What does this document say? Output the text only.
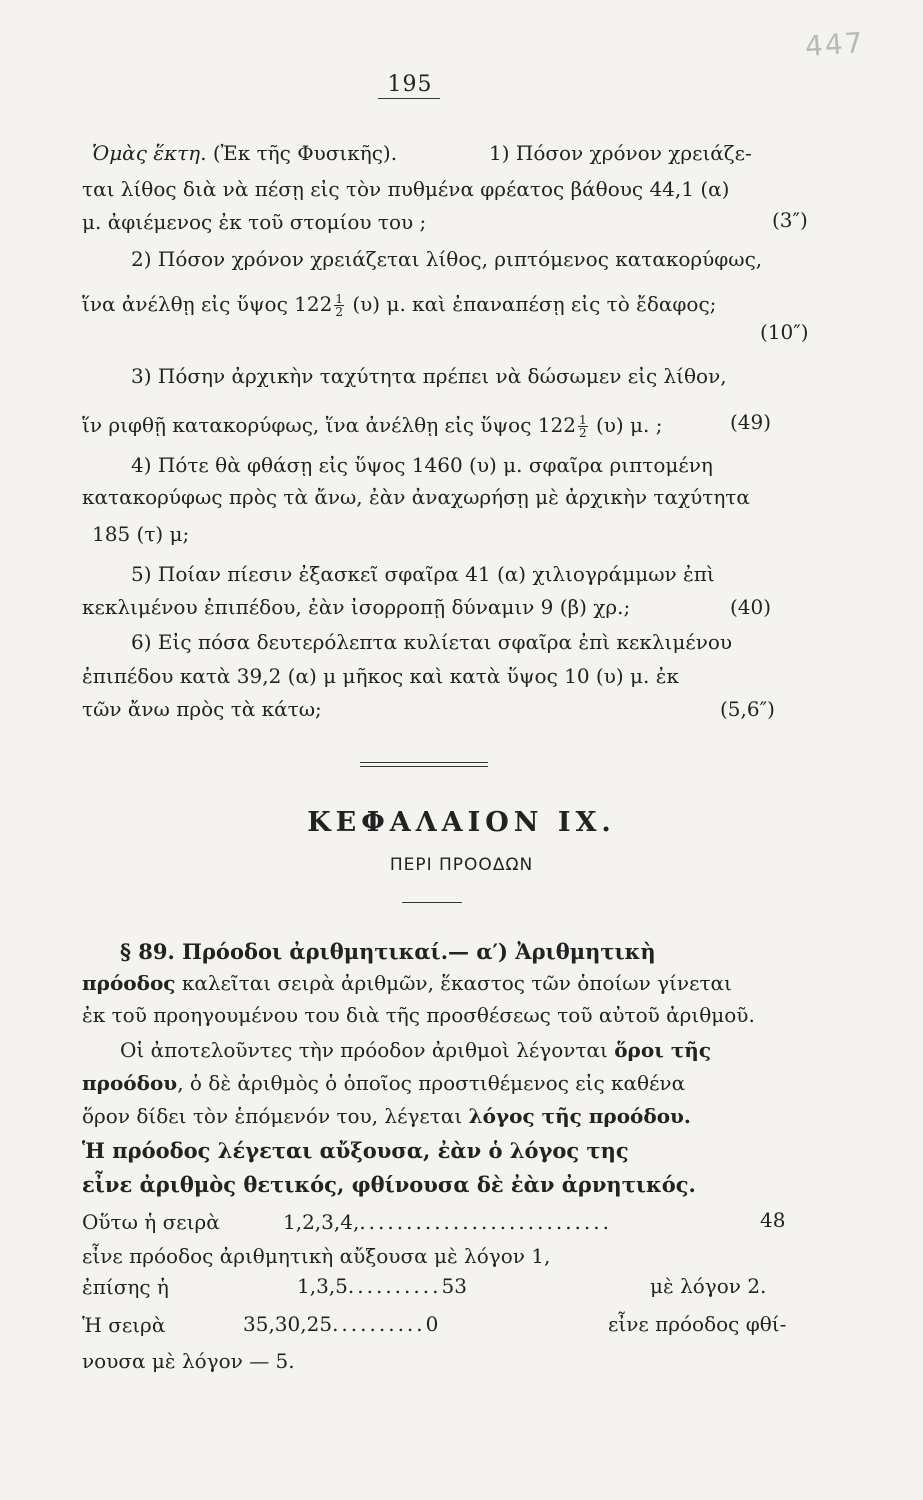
447
195
Ὁμὰς ἕκτη. (Ἐκ τῆς Φυσικῆς).	1) Πόσον χρόνον χρειάζε-
ται λίθος διὰ νὰ πέσῃ εἰς τὸν πυθμένα φρέατος βάθους 44,1 (α)
μ. ἀφιέμενος ἐκ τοῦ στομίου του ;	(3″)
2) Πόσον χρόνον χρειάζεται λίθος, ριπτόμενος κατακορύφως,
ἵνα ἀνέλθῃ εἰς ὕψος $122 \frac{1}{2} (\upsilon)$ μ. καὶ ἐπαναπέσῃ εἰς τὸ ἔδαφος;
(10″)
3) Πόσην ἀρχικὴν ταχύτητα πρέπει νὰ δώσωμεν εἰς λίθον,
ἵν ριφθῇ κατακορύφως, ἵνα ἀνέλθῃ εἰς ὕψος $122 \frac{1}{2} (\upsilon)$ μ. ;	(49)
4) Πότε θὰ φθάσῃ εἰς ὕψος 1460 (υ) μ. σφαῖρα ριπτομένη
κατακορύφως πρὸς τὰ ἄνω, ἐὰν ἀναχωρήσῃ μὲ ἀρχικὴν ταχύτητα
185 (τ) μ;
5) Ποίαν πίεσιν ἐξασκεῖ σφαῖρα 41 (α) χιλιογράμμων ἐπὶ
κεκλιμένου ἐπιπέδου, ἐὰν ἰσορροπῇ δύναμιν 9 (β) χρ.;	(40)
6) Εἰς πόσα δευτερόλεπτα κυλίεται σφαῖρα ἐπὶ κεκλιμένου
ἐπιπέδου κατὰ 39,2 (α) μ μῆκος καὶ κατὰ ὕψος 10 (υ) μ. ἐκ
τῶν ἄνω πρὸς τὰ κάτω;	(5,6″)
ΚΕΦΑΛΑΙΟΝ IX.
ΠΕΡΙ ΠΡΟΟΔΩΝ
§ 89. Πρόοδοι ἀριθμητικαί.— α′) Ἀριθμητικὴ
πρόοδος καλεῖται σειρὰ ἀριθμῶν, ἕκαστος τῶν ὁποίων γίνεται
ἐκ τοῦ προηγουμένου του διὰ τῆς προσθέσεως τοῦ αὐτοῦ ἀριθμοῦ.
Οἱ ἀποτελοῦντες τὴν πρόοδον ἀριθμοὶ λέγονται ὅροι τῆς
προόδου, ὁ δὲ ἀριθμὸς ὁ ὁποῖος προστιθέμενος εἰς καθένα
ὅρον δίδει τὸν ἑπόμενόν του, λέγεται λόγος τῆς προόδου.
Ἡ πρόοδος λέγεται αὔξουσα, ἐὰν ὁ λόγος της
εἶνε ἀριθμὸς θετικός, φθίνουσα δὲ ἐὰν ἀρνητικός.
Οὕτω ἡ σειρὰ	1,2,3,4,...........................	48
εἶνε πρόοδος ἀριθμητικὴ αὔξουσα μὲ λόγον 1,
ἐπίσης ἡ	1,3,5..........53	μὲ λόγον 2.
Ἡ σειρὰ	35,30,25..........0	εἶνε πρόοδος φθί-
νουσα μὲ λόγον — 5.
